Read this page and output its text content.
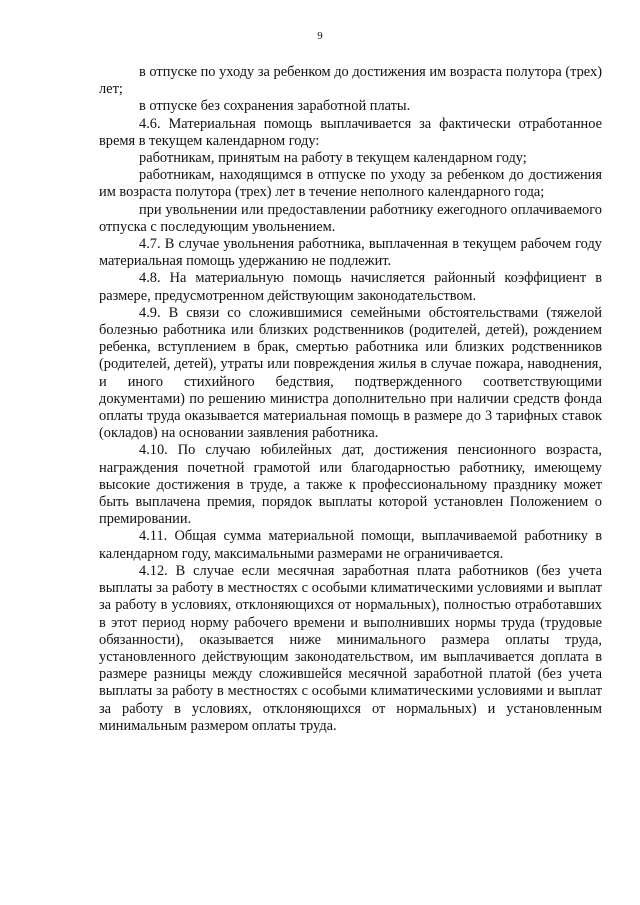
9

в отпуске по уходу за ребенком до достижения им возраста полутора (трех) лет;

в отпуске без сохранения заработной платы.

4.6. Материальная помощь выплачивается за фактически отработанное время в текущем календарном году:

работникам, принятым на работу в текущем календарном году;

работникам, находящимся в отпуске по уходу за ребенком до достижения им возраста полутора (трех) лет в течение неполного календарного года;

при увольнении или предоставлении работнику ежегодного оплачиваемого отпуска с последующим увольнением.

4.7. В случае увольнения работника, выплаченная в текущем рабочем году материальная помощь удержанию не подлежит.

4.8. На материальную помощь начисляется районный коэффициент в размере, предусмотренном действующим законодательством.

4.9. В связи со сложившимися семейными обстоятельствами (тяжелой болезнью работника или близких родственников (родителей, детей), рождением ребенка, вступлением в брак, смертью работника или близких родственников (родителей, детей), утраты или повреждения жилья в случае пожара, наводнения, и иного стихийного бедствия, подтвержденного соответствующими документами) по решению министра дополнительно при наличии средств фонда оплаты труда оказывается материальная помощь в размере до 3 тарифных ставок (окладов) на основании заявления работника.

4.10. По случаю юбилейных дат, достижения пенсионного возраста, награждения почетной грамотой или благодарностью работнику, имеющему высокие достижения в труде, а также к профессиональному празднику может быть выплачена премия, порядок выплаты которой установлен Положением о премировании.

4.11. Общая сумма материальной помощи, выплачиваемой работнику в календарном году, максимальными размерами не ограничивается.

4.12. В случае если месячная заработная плата работников (без учета выплаты за работу в местностях с особыми климатическими условиями и выплат за работу в условиях, отклоняющихся от нормальных), полностью отработавших в этот период норму рабочего времени и выполнивших нормы труда (трудовые обязанности), оказывается ниже минимального размера оплаты труда, установленного действующим законодательством, им выплачивается доплата в размере разницы между сложившейся месячной заработной платой (без учета выплаты за работу в местностях с особыми климатическими условиями и выплат за работу в условиях, отклоняющихся от нормальных) и установленным минимальным размером оплаты труда.
